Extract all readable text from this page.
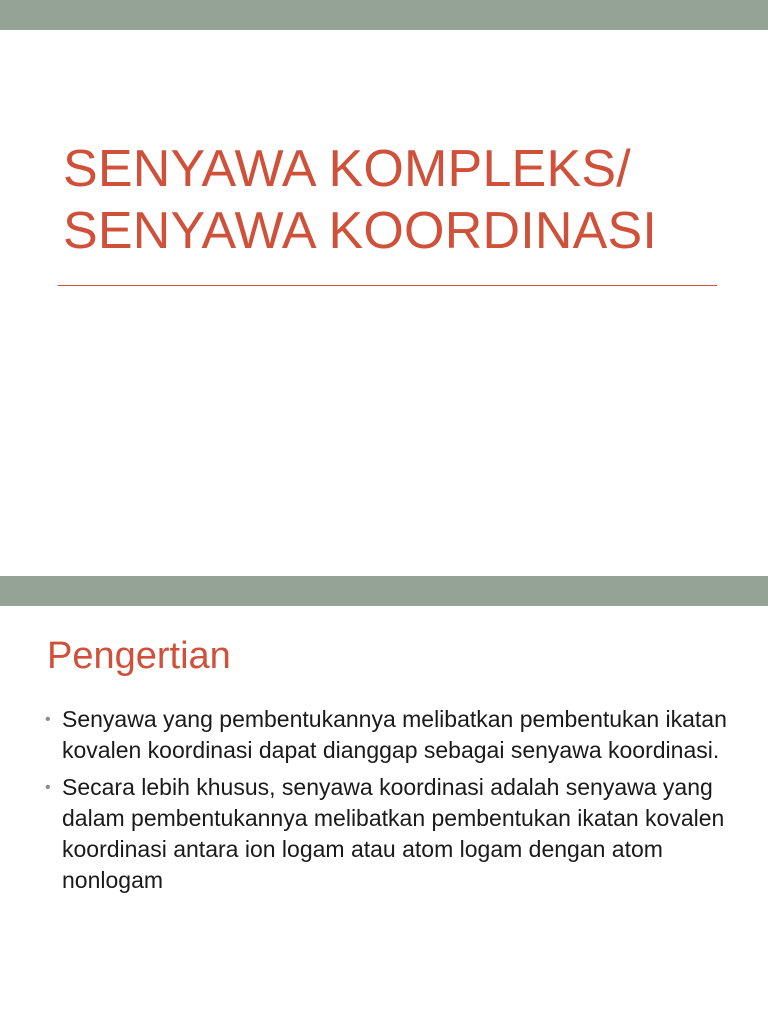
SENYAWA KOMPLEKS/
SENYAWA KOORDINASI
Pengertian
• Senyawa yang pembentukannya melibatkan pembentukan ikatan kovalen koordinasi dapat dianggap sebagai senyawa koordinasi.
• Secara lebih khusus, senyawa koordinasi adalah senyawa yang dalam pembentukannya melibatkan pembentukan ikatan kovalen koordinasi antara ion logam atau atom logam dengan atom nonlogam
